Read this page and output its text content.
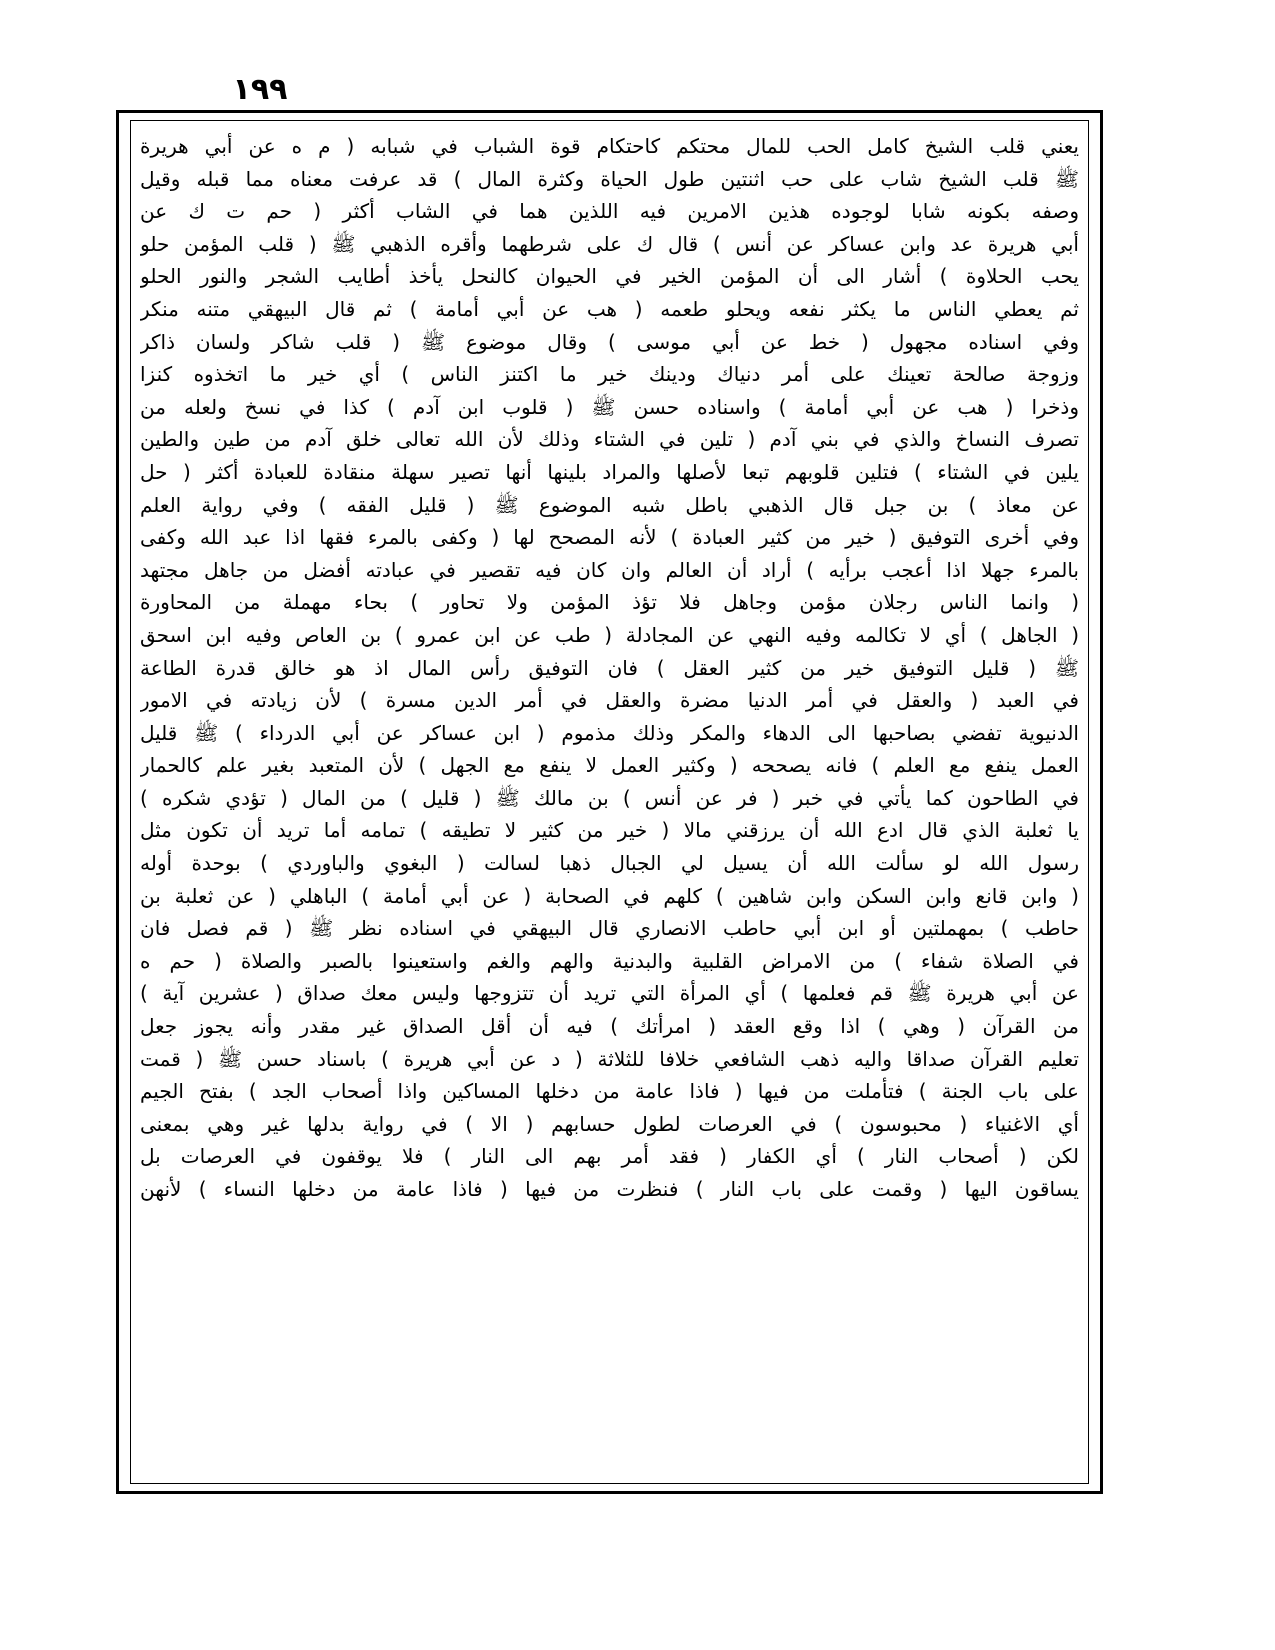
١٩٩
يعني قلب الشيخ كامل الحب للمال محتكم كاحتكام قوة الشباب في شبابه ( م ه عن أبي هريرة
ﷺ قلب الشيخ شاب على حب اثنتين طول الحياة وكثرة المال ) قد عرفت معناه مما قبله وقيل
وصفه بكونه شابا لوجوده هذين الامرين فيه اللذين هما في الشاب أكثر ( حم ت ك عن
أبي هريرة عد وابن عساكر عن أنس ) قال ك على شرطهما وأقره الذهبي ﷺ ( قلب المؤمن حلو
يحب الحلاوة ) أشار الى أن المؤمن الخير في الحيوان كالنحل يأخذ أطايب الشجر والنور الحلو
ثم يعطي الناس ما يكثر نفعه ويحلو طعمه ( هب عن أبي أمامة ) ثم قال البيهقي متنه منكر
وفي اسناده مجهول ( خط عن أبي موسى ) وقال موضوع ﷺ ( قلب شاكر ولسان ذاكر
وزوجة صالحة تعينك على أمر دنياك ودينك خير ما اكتنز الناس ) أي خير ما اتخذوه كنزا
وذخرا ( هب عن أبي أمامة ) واسناده حسن ﷺ ( قلوب ابن آدم ) كذا في نسخ ولعله من
تصرف النساخ والذي في بني آدم ( تلين في الشتاء وذلك لأن الله تعالى خلق آدم من طين والطين
يلين في الشتاء ) فتلين قلوبهم تبعا لأصلها والمراد بلينها أنها تصير سهلة منقادة للعبادة أكثر ( حل
عن معاذ ) بن جبل قال الذهبي باطل شبه الموضوع ﷺ ( قليل الفقه ) وفي رواية العلم
وفي أخرى التوفيق ( خير من كثير العبادة ) لأنه المصحح لها ( وكفى بالمرء فقها اذا عبد الله وكفى
بالمرء جهلا اذا أعجب برأيه ) أراد أن العالم وان كان فيه تقصير في عبادته أفضل من جاهل مجتهد
( وانما الناس رجلان مؤمن وجاهل فلا تؤذ المؤمن ولا تحاور ) بحاء مهملة من المحاورة
( الجاهل ) أي لا تكالمه وفيه النهي عن المجادلة ( طب عن ابن عمرو ) بن العاص وفيه ابن اسحق
ﷺ ( قليل التوفيق خير من كثير العقل ) فان التوفيق رأس المال اذ هو خالق قدرة الطاعة
في العبد ( والعقل في أمر الدنيا مضرة والعقل في أمر الدين مسرة ) لأن زيادته في الامور
الدنيوية تفضي بصاحبها الى الدهاء والمكر وذلك مذموم ( ابن عساكر عن أبي الدرداء ) ﷺ قليل
العمل ينفع مع العلم ) فانه يصححه ( وكثير العمل لا ينفع مع الجهل ) لأن المتعبد بغير علم كالحمار
في الطاحون كما يأتي في خبر ( فر عن أنس ) بن مالك ﷺ ( قليل ) من المال ( تؤدي شكره )
يا ثعلبة الذي قال ادع الله أن يرزقني مالا ( خير من كثير لا تطيقه ) تمامه أما تريد أن تكون مثل
رسول الله لو سألت الله أن يسيل لي الجبال ذهبا لسالت ( البغوي والباوردي ) بوحدة أوله
( وابن قانع وابن السكن وابن شاهين ) كلهم في الصحابة ( عن أبي أمامة ) الباهلي ( عن ثعلبة بن
حاطب ) بمهملتين أو ابن أبي حاطب الانصاري قال البيهقي في اسناده نظر ﷺ ( قم فصل فان
في الصلاة شفاء ) من الامراض القلبية والبدنية والهم والغم واستعينوا بالصبر والصلاة ( حم ه
عن أبي هريرة ﷺ قم فعلمها ) أي المرأة التي تريد أن تتزوجها وليس معك صداق ( عشرين آية )
من القرآن ( وهي ) اذا وقع العقد ( امرأتك ) فيه أن أقل الصداق غير مقدر وأنه يجوز جعل
تعليم القرآن صداقا واليه ذهب الشافعي خلافا للثلاثة ( د عن أبي هريرة ) باسناد حسن ﷺ ( قمت
على باب الجنة ) فتأملت من فيها ( فاذا عامة من دخلها المساكين واذا أصحاب الجد ) بفتح الجيم
أي الاغنياء ( محبوسون ) في العرصات لطول حسابهم ( الا ) في رواية بدلها غير وهي بمعنى
لكن ( أصحاب النار ) أي الكفار ( فقد أمر بهم الى النار ) فلا يوقفون في العرصات بل
يساقون اليها ( وقمت على باب النار ) فنظرت من فيها ( فاذا عامة من دخلها النساء ) لأنهن
